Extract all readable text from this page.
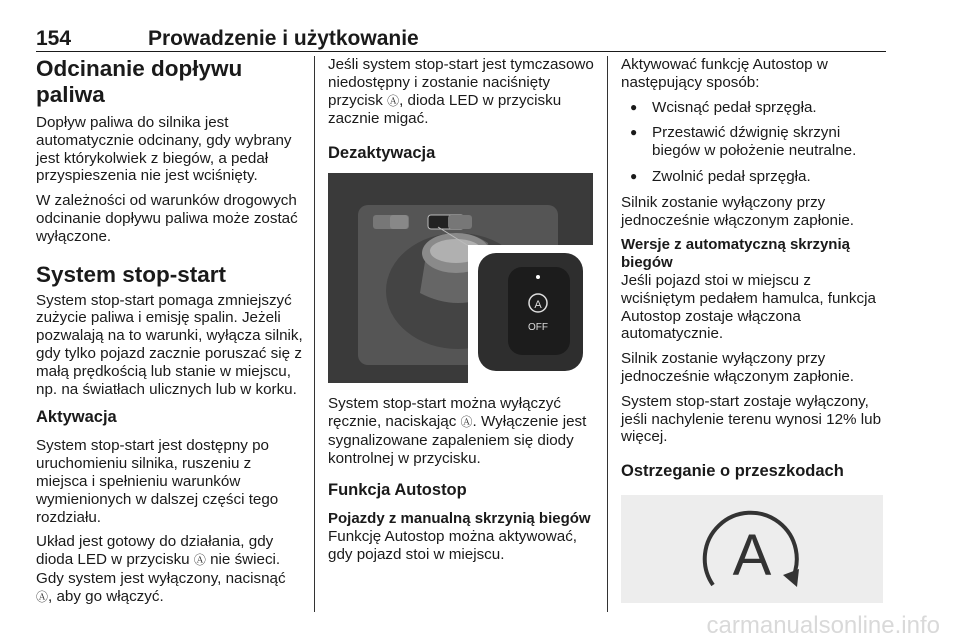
154	Prowadzenie i użytkowanie
Odcinanie dopływu paliwa

Dopływ paliwa do silnika jest automatycznie odcinany, gdy wybrany jest którykolwiek z biegów, a pedał przyspieszenia nie jest wciśnięty.

W zależności od warunków drogowych odcinanie dopływu paliwa może zostać wyłączone.

System stop-start

System stop-start pomaga zmniejszyć zużycie paliwa i emisję spalin. Jeżeli pozwalają na to warunki, wyłącza silnik, gdy tylko pojazd zacznie poruszać się z małą prędkością lub stanie w miejscu, np. na światłach ulicznych lub w korku.

Aktywacja

System stop-start jest dostępny po uruchomieniu silnika, ruszeniu z miejsca i spełnieniu warunków wymienionych w dalszej części tego rozdziału.

Układ jest gotowy do działania, gdy dioda LED w przycisku Ⓐ nie świeci. Gdy system jest wyłączony, nacisnąć Ⓐ, aby go włączyć.

Jeśli system stop-start jest tymczasowo niedostępny i zostanie naciśnięty przycisk Ⓐ, dioda LED w przycisku zacznie migać.

Dezaktywacja
A
OFF

System stop-start można wyłączyć ręcznie, naciskając Ⓐ. Wyłączenie jest sygnalizowane zapaleniem się diody kontrolnej w przycisku.

Funkcja Autostop
Pojazdy z manualną skrzynią biegów

Funkcję Autostop można aktywować, gdy pojazd stoi w miejscu.

Aktywować funkcję Autostop w następujący sposób:

● Wcisnąć pedał sprzęgła.
● Przestawić dźwignię skrzyni biegów w położenie neutralne.
● Zwolnić pedał sprzęgła.

Silnik zostanie wyłączony przy jednocześnie włączonym zapłonie.

Wersje z automatyczną skrzynią biegów

Jeśli pojazd stoi w miejscu z wciśniętym pedałem hamulca, funkcja Autostop zostaje włączona automatycznie.

Silnik zostanie wyłączony przy jednocześnie włączonym zapłonie.

System stop-start zostaje wyłączony, jeśli nachylenie terenu wynosi 12% lub więcej.

Ostrzeganie o przeszkodach
A
carmanualsonline.info
